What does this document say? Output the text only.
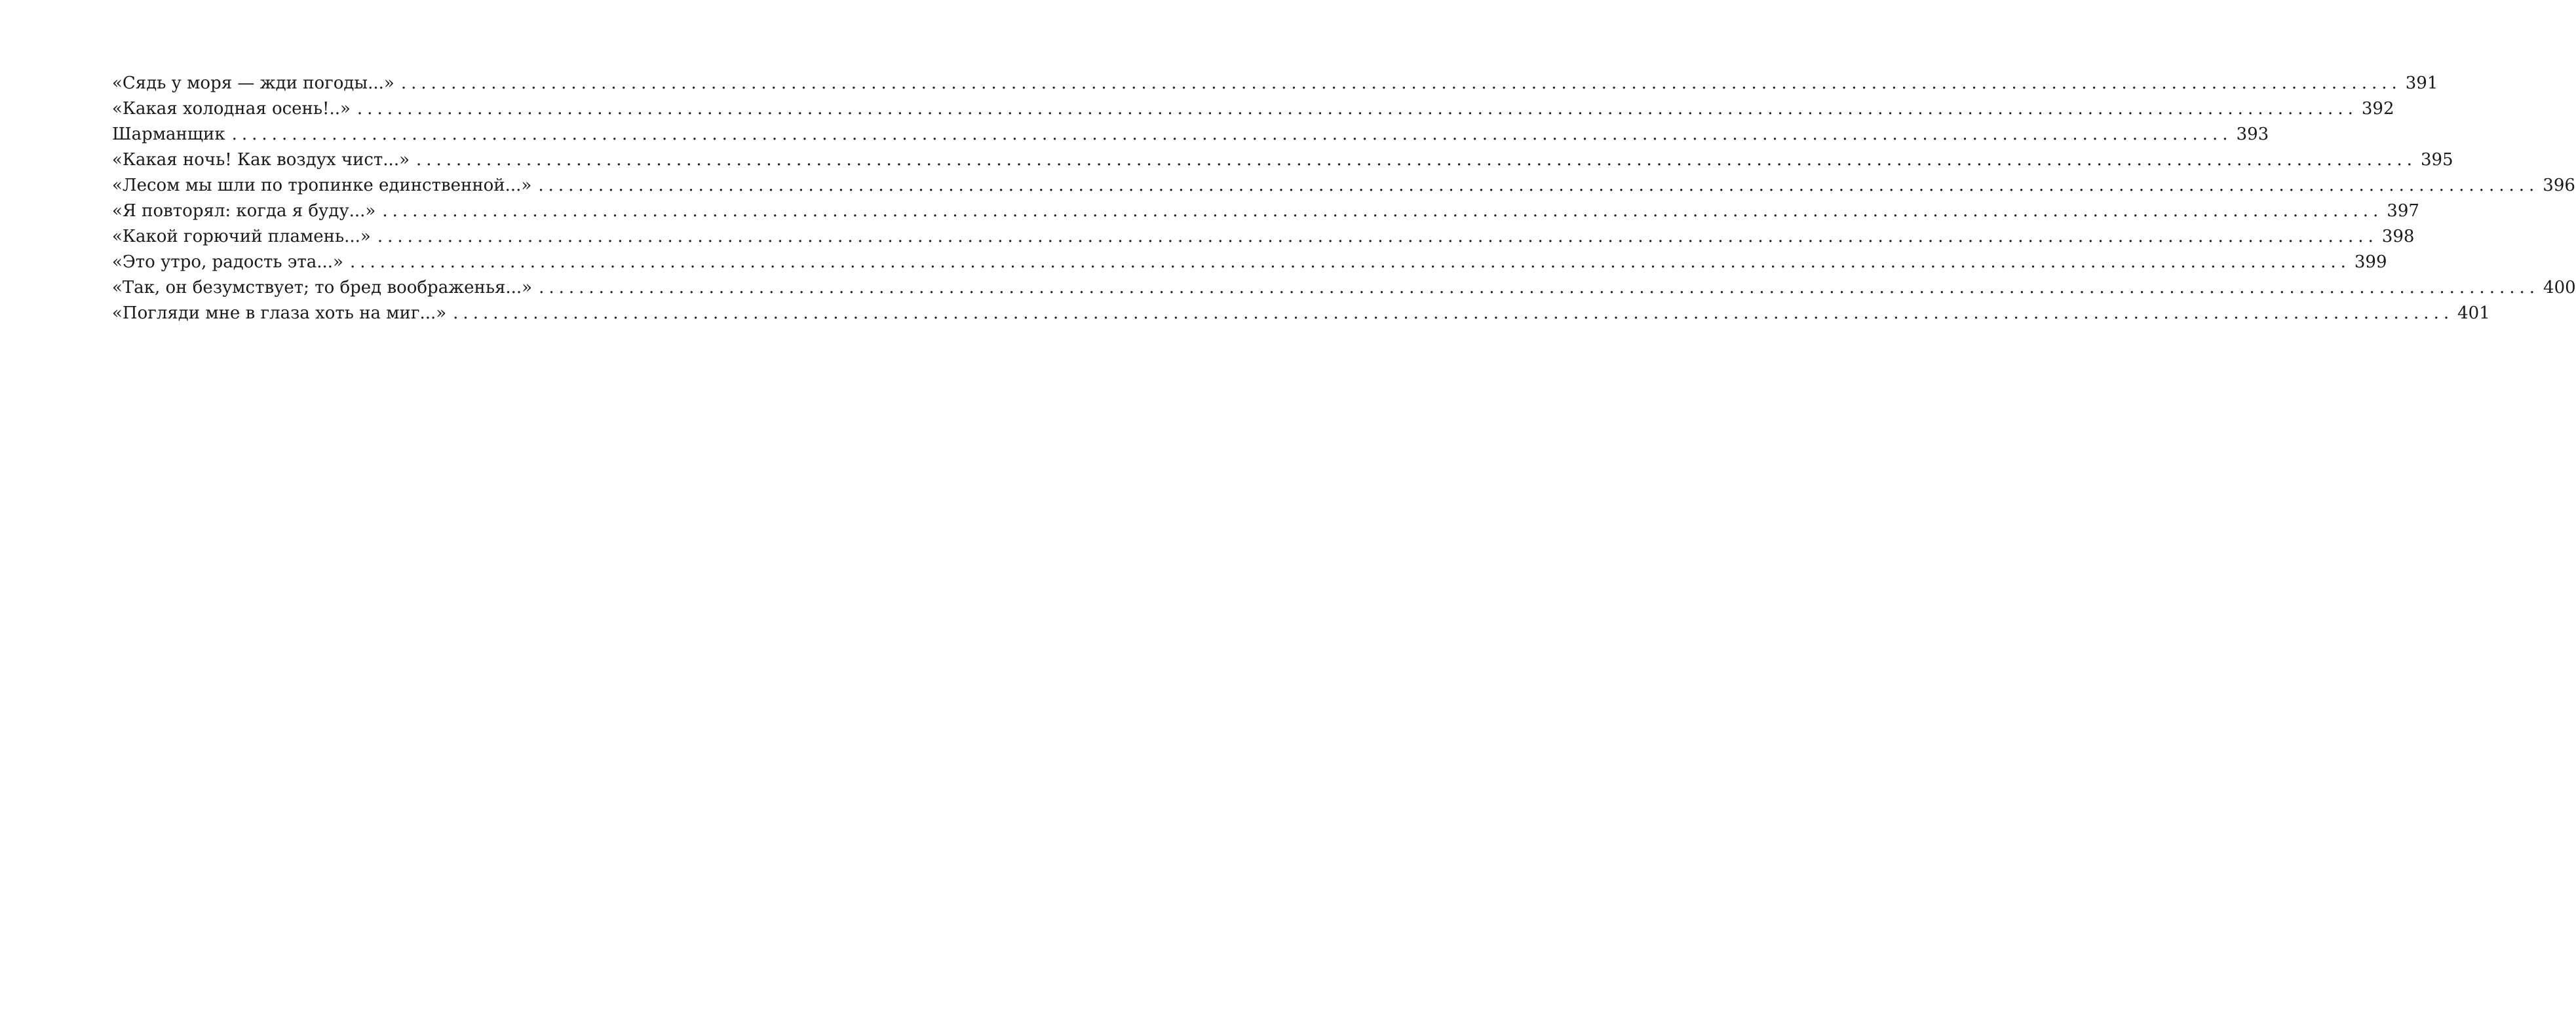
«Сядь у моря — жди погоды...» ........................................................................................................................................................................................................ 391
«Какая холодная осень!..» ........................................................................................................................................................................................................ 392
Шарманщик ........................................................................................................................................................................................................ 393
«Какая ночь! Как воздух чист...» ........................................................................................................................................................................................................ 395
«Лесом мы шли по тропинке единственной...» ........................................................................................................................................................................................................ 396
«Я повторял: когда я буду...» ........................................................................................................................................................................................................ 397
«Какой горючий пламень...» ........................................................................................................................................................................................................ 398
«Это утро, радость эта...» ........................................................................................................................................................................................................ 399
«Так, он безумствует; то бред воображенья...» ........................................................................................................................................................................................................ 400
«Погляди мне в глаза хоть на миг...» ........................................................................................................................................................................................................ 401
